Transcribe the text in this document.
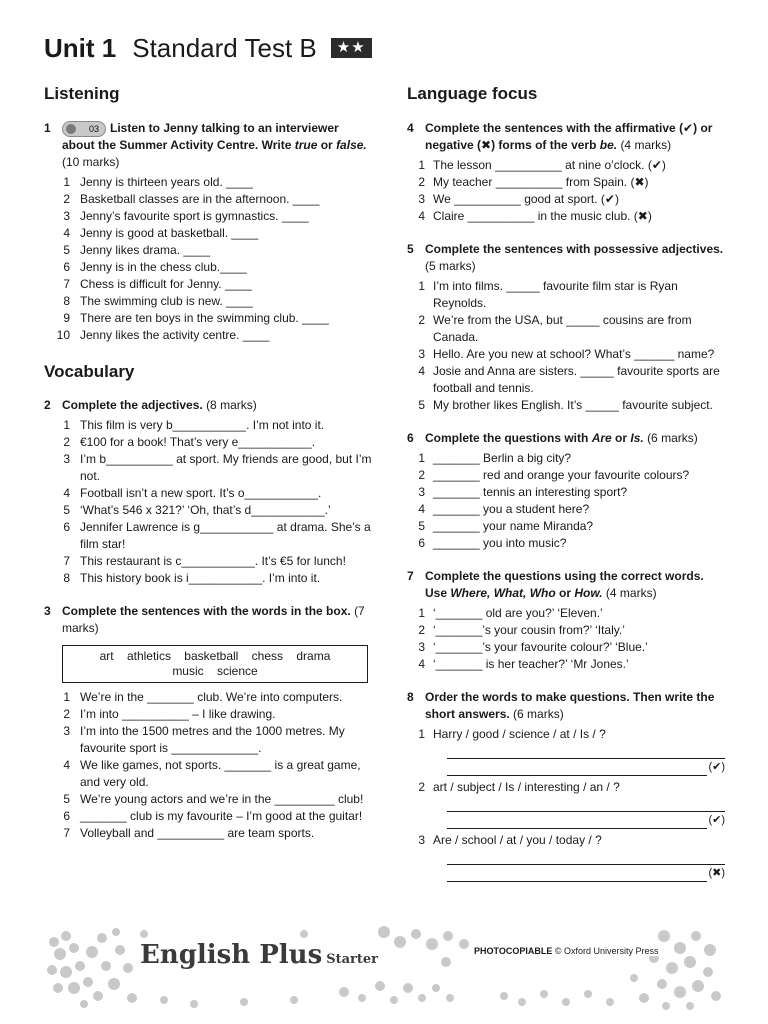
Unit 1 Standard Test B	★★
Listening
1	03 Listen to Jenny talking to an interviewer about the Summer Activity Centre. Write true or false. (10 marks)
1 Jenny is thirteen years old. ____
2 Basketball classes are in the afternoon. ____
3 Jenny’s favourite sport is gymnastics. ____
4 Jenny is good at basketball. ____
5 Jenny likes drama. ____
6 Jenny is in the chess club.____
7 Chess is difficult for Jenny. ____
8 The swimming club is new. ____
9 There are ten boys in the swimming club. ____
10 Jenny likes the activity centre. ____
Vocabulary
2 Complete the adjectives. (8 marks)
1 This film is very b___________. I’m not into it.
2 €100 for a book! That’s very e___________.
3 I’m b__________ at sport. My friends are good, but I’m not.
4 Football isn’t a new sport. It’s o___________.
5 ‘What’s 546 x 321?’ ‘Oh, that’s d___________.’
6 Jennifer Lawrence is g___________ at drama. She’s a film star!
7 This restaurant is c___________. It’s €5 for lunch!
8 This history book is i___________. I’m into it.
3 Complete the sentences with the words in the box. (7 marks)
art    athletics    basketball    chess    drama
music    science
1 We’re in the _______ club. We’re into computers.
2 I’m into __________ – I like drawing.
3 I’m into the 1500 metres and the 1000 metres. My favourite sport is _____________.
4 We like games, not sports. _______ is a great game, and very old.
5 We’re young actors and we’re in the _________ club!
6 _______ club is my favourite – I’m good at the guitar!
7 Volleyball and __________ are team sports.
Language focus
4 Complete the sentences with the affirmative (✔) or negative (✖) forms of the verb be. (4 marks)
1 The lesson __________ at nine o’clock. (✔)
2 My teacher __________ from Spain. (✖)
3 We __________ good at sport. (✔)
4 Claire __________ in the music club. (✖)
5 Complete the sentences with possessive adjectives. (5 marks)
1 I’m into films. _____ favourite film star is Ryan Reynolds.
2 We’re from the USA, but _____ cousins are from Canada.
3 Hello. Are you new at school? What’s ______ name?
4 Josie and Anna are sisters. _____ favourite sports are football and tennis.
5 My brother likes English. It’s _____ favourite subject.
6 Complete the questions with Are or Is. (6 marks)
1 _______ Berlin a big city?
2 _______ red and orange your favourite colours?
3 _______ tennis an interesting sport?
4 _______ you a student here?
5 _______ your name Miranda?
6 _______ you into music?
7 Complete the questions using the correct words. Use Where, What, Who or How. (4 marks)
1 ‘_______ old are you?’ ‘Eleven.’
2 ‘_______’s your cousin from?’ ‘Italy.’
3 ‘_______’s your favourite colour?’ ‘Blue.’
4 ‘_______ is her teacher?’ ‘Mr Jones.’
8 Order the words to make questions. Then write the short answers. (6 marks)
1 Harry / good / science / at / Is / ?
(✔)
2 art / subject / Is / interesting / an / ?
(✔)
3 Are / school / at / you / today / ?
(✖)
English Plus Starter
PHOTOCOPIABLE © Oxford University Press
